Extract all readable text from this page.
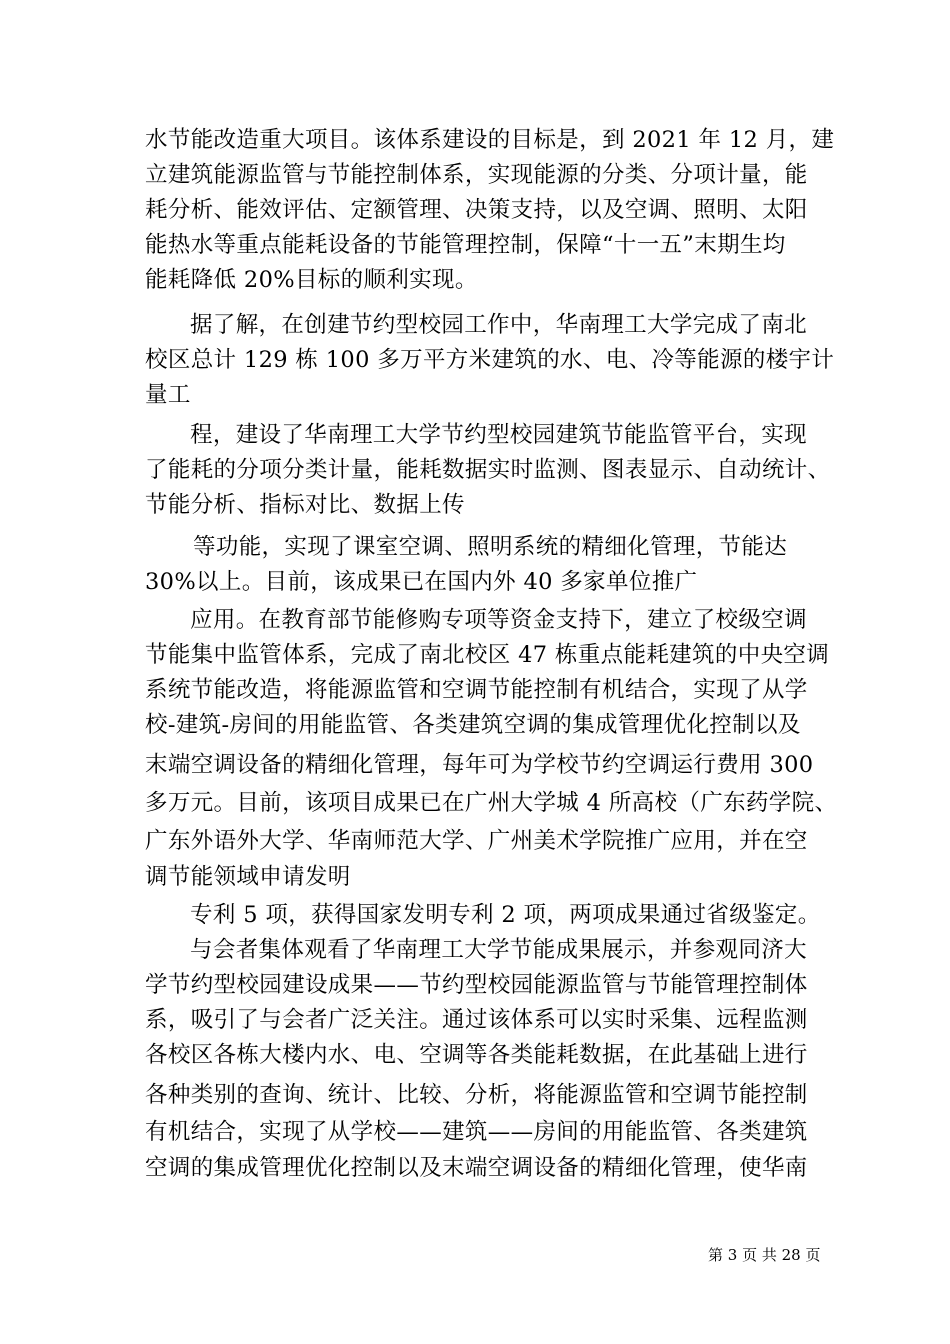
水节能改造重大项目。该体系建设的目标是，到 2021 年 12 月，建
立建筑能源监管与节能控制体系，实现能源的分类、分项计量，能
耗分析、能效评估、定额管理、决策支持，以及空调、照明、太阳
能热水等重点能耗设备的节能管理控制，保障“十一五”末期生均
能耗降低 20%目标的顺利实现。
据了解，在创建节约型校园工作中，华南理工大学完成了南北
校区总计 129 栋 100 多万平方米建筑的水、电、冷等能源的楼宇计
量工
程，建设了华南理工大学节约型校园建筑节能监管平台，实现
了能耗的分项分类计量，能耗数据实时监测、图表显示、自动统计、
节能分析、指标对比、数据上传
等功能，实现了课室空调、照明系统的精细化管理，节能达
30%以上。目前，该成果已在国内外 40 多家单位推广
应用。在教育部节能修购专项等资金支持下，建立了校级空调
节能集中监管体系，完成了南北校区 47 栋重点能耗建筑的中央空调
系统节能改造，将能源监管和空调节能控制有机结合，实现了从学
校-建筑-房间的用能监管、各类建筑空调的集成管理优化控制以及
末端空调设备的精细化管理，每年可为学校节约空调运行费用 300
多万元。目前，该项目成果已在广州大学城 4 所高校（广东药学院、
广东外语外大学、华南师范大学、广州美术学院推广应用，并在空
调节能领域申请发明
专利 5 项，获得国家发明专利 2 项，两项成果通过省级鉴定。
与会者集体观看了华南理工大学节能成果展示，并参观同济大
学节约型校园建设成果——节约型校园能源监管与节能管理控制体
系，吸引了与会者广泛关注。通过该体系可以实时采集、远程监测
各校区各栋大楼内水、电、空调等各类能耗数据，在此基础上进行
各种类别的查询、统计、比较、分析，将能源监管和空调节能控制
有机结合，实现了从学校——建筑——房间的用能监管、各类建筑
空调的集成管理优化控制以及末端空调设备的精细化管理，使华南
第 3 页 共 28 页
